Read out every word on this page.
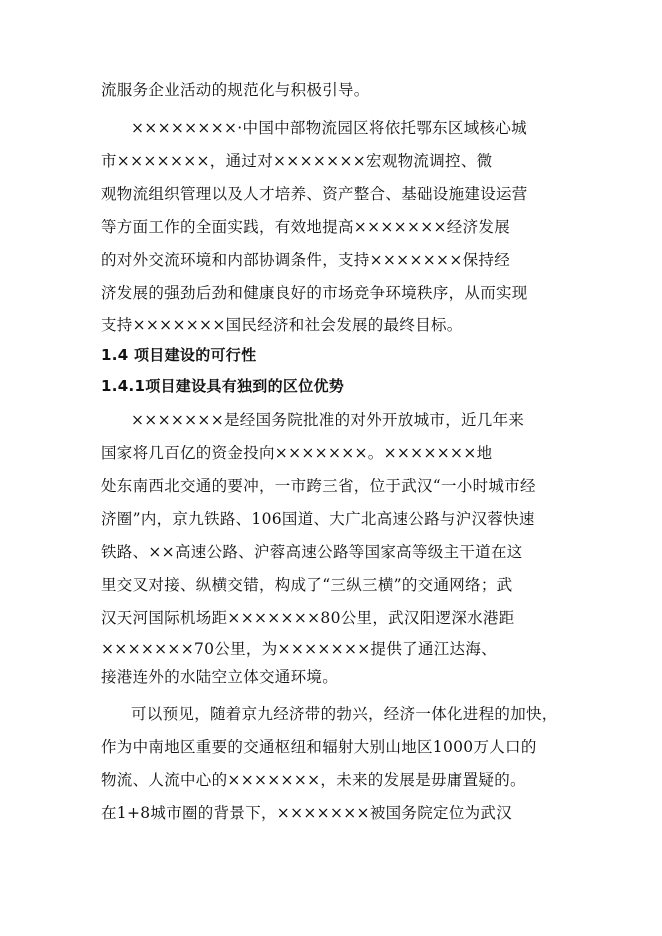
流服务企业活动的规范化与积极引导。
××××××××·中国中部物流园区将依托鄂东区域核心城
市×××××××，通过对×××××××宏观物流调控、微
观物流组织管理以及人才培养、资产整合、基础设施建设运营
等方面工作的全面实践，有效地提高×××××××经济发展
的对外交流环境和内部协调条件，支持×××××××保持经
济发展的强劲后劲和健康良好的市场竞争环境秩序，从而实现
支持×××××××国民经济和社会发展的最终目标。
1.4 项目建设的可行性
1.4.1项目建设具有独到的区位优势
×××××××是经国务院批准的对外开放城市，近几年来
国家将几百亿的资金投向×××××××。×××××××地
处东南西北交通的要冲，一市跨三省，位于武汉“一小时城市经
济圈”内，京九铁路、106国道、大广北高速公路与沪汉蓉快速
铁路、××高速公路、沪蓉高速公路等国家高等级主干道在这
里交叉对接、纵横交错，构成了“三纵三横”的交通网络；武
汉天河国际机场距×××××××80公里，武汉阳逻深水港距
×××××××70公里，为×××××××提供了通江达海、
接港连外的水陆空立体交通环境。
可以预见，随着京九经济带的勃兴，经济一体化进程的加快，
作为中南地区重要的交通枢纽和辐射大别山地区1000万人口的
物流、人流中心的×××××××，未来的发展是毋庸置疑的。
在1+8城市圈的背景下，×××××××被国务院定位为武汉
